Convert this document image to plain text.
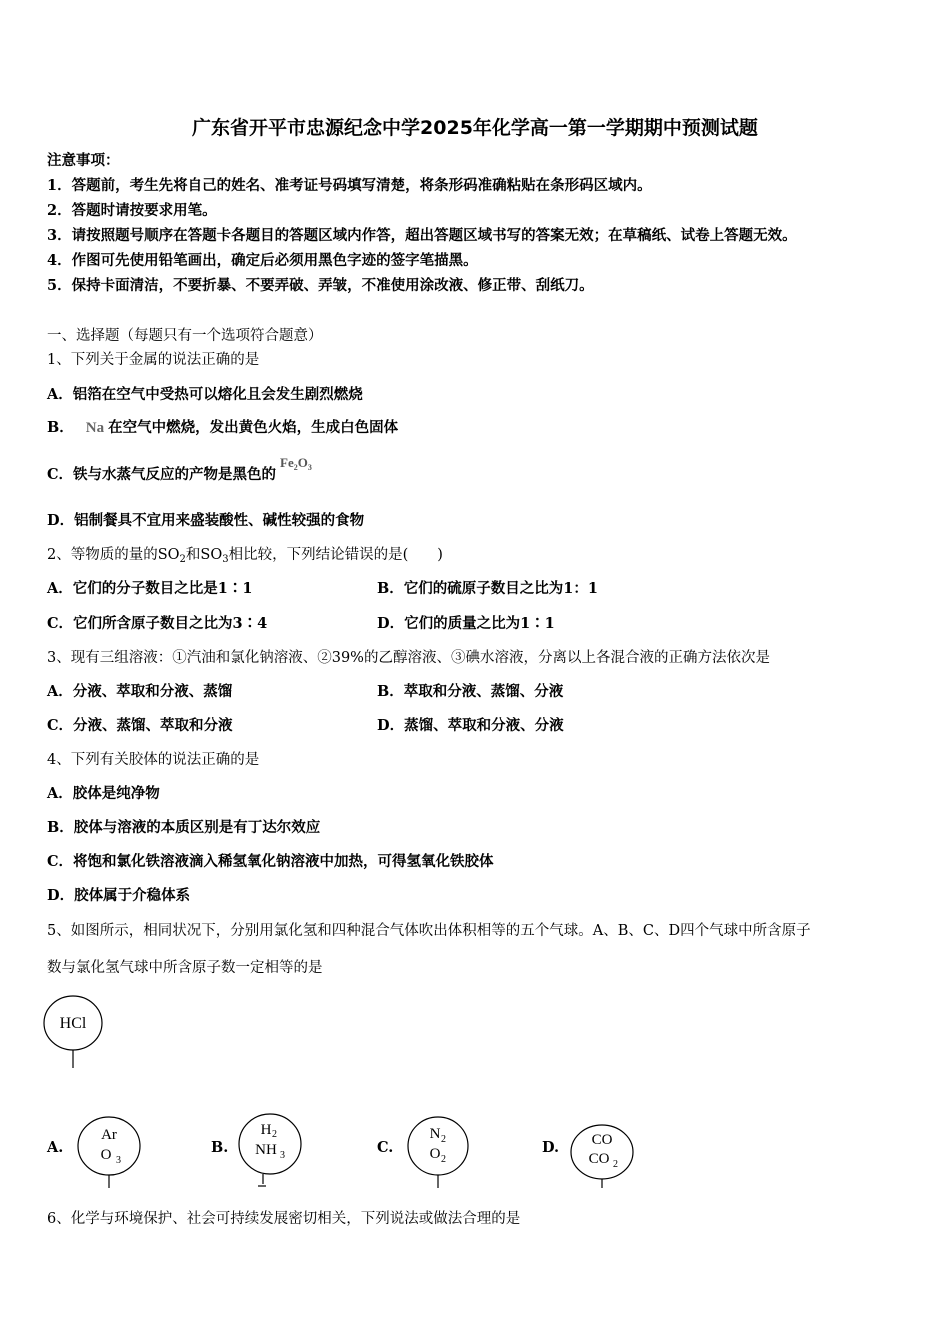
广东省开平市忠源纪念中学2025年化学高一第一学期期中预测试题
注意事项：
1．答题前，考生先将自己的姓名、准考证号码填写清楚，将条形码准确粘贴在条形码区域内。
2．答题时请按要求用笔。
3．请按照题号顺序在答题卡各题目的答题区域内作答，超出答题区域书写的答案无效；在草稿纸、试卷上答题无效。
4．作图可先使用铅笔画出，确定后必须用黑色字迹的签字笔描黑。
5．保持卡面清洁，不要折暴、不要弄破、弄皱，不准使用涂改液、修正带、刮纸刀。
一、选择题（每题只有一个选项符合题意）
1、下列关于金属的说法正确的是
A．铝箔在空气中受热可以熔化且会发生剧烈燃烧
B． Na 在空气中燃烧，发出黄色火焰，生成白色固体
C．铁与水蒸气反应的产物是黑色的$Fe_2O_3$
D．铝制餐具不宜用来盛装酸性、碱性较强的食物
2、等物质的量的$SO_2$和$SO_3$相比较，下列结论错误的是(　　)
A．它们的分子数目之比是1∶1	B．它们的硫原子数目之比为1：1
C．它们所含原子数目之比为3∶4	D．它们的质量之比为1∶1
3、现有三组溶液：①汽油和氯化钠溶液、②39%的乙醇溶液、③碘水溶液，分离以上各混合液的正确方法依次是
A．分液、萃取和分液、蒸馏	B．萃取和分液、蒸馏、分液
C．分液、蒸馏、萃取和分液	D．蒸馏、萃取和分液、分液
4、下列有关胶体的说法正确的是
A．胶体是纯净物
B．胶体与溶液的本质区别是有丁达尔效应
C．将饱和氯化铁溶液滴入稀氢氧化钠溶液中加热，可得氢氧化铁胶体
D．胶体属于介稳体系
5、如图所示，相同状况下，分别用氯化氢和四种混合气体吹出体积相等的五个气球。A、B、C、D四个气球中所含原子
数与氯化氢气球中所含原子数一定相等的是
HCl
A.
Ar
O 3
B.
H 2
NH 3	C.
N 2
O 2
D. CO
CO 2
6、化学与环境保护、社会可持续发展密切相关，下列说法或做法合理的是
